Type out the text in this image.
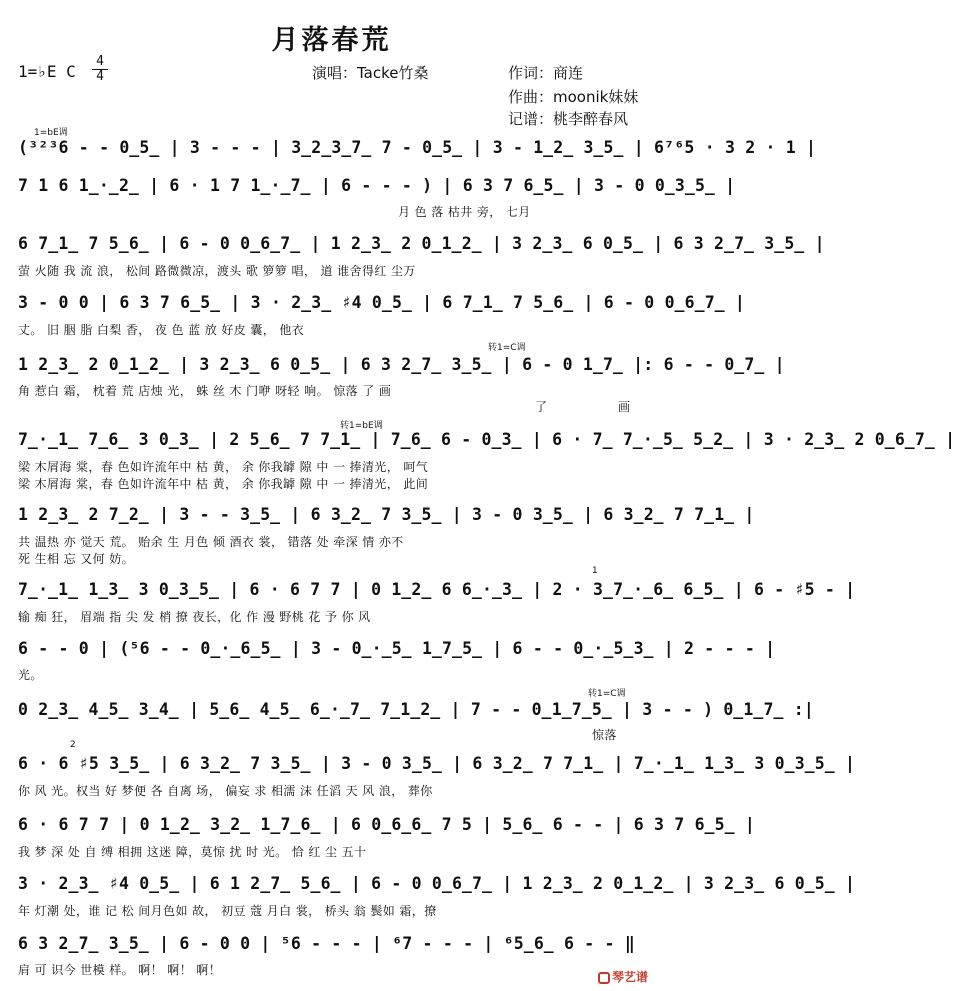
月落春荒
1=♭E C
4
4	演唱：Tacke竹桑	作词：商连
作曲：moonik妹妹
记谱：桃李醉春风
1=bE调
转1=C调
转1=bE调
转1=C调
1
2
(³²³6 - - 0̲5̲ | 3 - - - | 3̲2̲3̲7̲ 7 - 0̲5̲ | 3 - 1̲2̲ 3̲5̲ | 6⁷⁶5 · 3 2 · 1 |
7 1 6 1̲·̲2̲ | 6 · 1 7 1̲·̲7̲ | 6 - - - ) | 6 3 7 6̲5̲ | 3 - 0 0̲3̲5̲ |
月 色 落 枯井 旁， 七月
6 7̲1̲ 7 5̲6̲ | 6 - 0 0̲6̲7̲ | 1 2̲3̲ 2 0̲1̲2̲ | 3 2̲3̲ 6 0̲5̲ | 6 3 2̲7̲ 3̲5̲ |
萤 火随 我 流 浪， 松间 路微微凉，渡头 歌 箩箩 唱， 道 谁舍得红 尘万
3 - 0 0 | 6 3 7 6̲5̲ | 3 · 2̲3̲ ♯4 0̲5̲ | 6 7̲1̲ 7 5̲6̲ | 6 - 0 0̲6̲7̲ |
丈。 旧 胭 脂 白梨 香， 夜 色 蓝 放 好皮 囊， 他衣
1 2̲3̲ 2 0̲1̲2̲ | 3 2̲3̲ 6 0̲5̲ | 6 3 2̲7̲ 3̲5̲ | 6 - 0 1̲7̲ |: 6 - - 0̲7̲ |
角 惹白 霜， 枕着 荒 店烛 光， 蛛 丝 木 门咿 呀轻 响。 惊落 了 画
了	画
7̲·̲1̲ 7̲6̲ 3 0̲3̲ | 2 5̲6̲ 7 7̲1̲ | 7̲6̲ 6 - 0̲3̲ | 6 · 7̲ 7̲·̲5̲ 5̲2̲ | 3 · 2̲3̲ 2 0̲6̲7̲ |
梁 木屑海 棠，春 色如许流年中 枯 黄， 余 你我罅 隙 中 一 捧清光， 呵气
梁 木屑海 棠，春 色如许流年中 枯 黄， 余 你我罅 隙 中 一 捧清光， 此间
1 2̲3̲ 2 7̲2̲ | 3 - - 3̲5̲ | 6 3̲2̲ 7 3̲5̲ | 3 - 0 3̲5̲ | 6 3̲2̲ 7 7̲1̲ |
共 温热 亦 觉天 荒。 贻余 生 月色 倾 酒衣 裳， 错落 处 牵深 情 亦不
死 生相 忘 又何 妨。
7̲·̲1̲ 1̲3̲ 3 0̲3̲5̲ | 6 · 6 7 7 | 0 1̲2̲ 6 6̲·̲3̲ | 2 · 3̲7̲·̲6̲ 6̲5̲ | 6 - ♯5 - |
输 痴 狂， 眉端 指 尖 发 梢 撩 夜长，化 作 漫 野桃 花 予 你 风
6 - - 0 | (⁵6 - - 0̲·̲6̲5̲ | 3 - 0̲·̲5̲ 1̲7̲5̲ | 6 - - 0̲·̲5̲3̲ | 2 - - - |
光。
0 2̲3̲ 4̲5̲ 3̲4̲ | 5̲6̲ 4̲5̲ 6̲·̲7̲ 7̲1̲2̲ | 7 - - 0̲1̲7̲5̲ | 3 - - ) 0̲1̲7̲ :|
惊落
6 · 6 ♯5 3̲5̲ | 6 3̲2̲ 7 3̲5̲ | 3 - 0 3̲5̲ | 6 3̲2̲ 7 7̲1̲ | 7̲·̲1̲ 1̲3̲ 3 0̲3̲5̲ |
你 风 光。权当 好 梦便 各 自离 场， 偏妄 求 相濡 沫 任滔 天 风 浪， 葬你
6 · 6 7 7 | 0 1̲2̲ 3̲2̲ 1̲7̲6̲ | 6 0̲6̲6̲ 7 5 | 5̲6̲ 6 - - | 6 3 7 6̲5̲ |
我 梦 深 处 自 缚 相拥 这迷 障，莫惊 扰 时 光。 恰 红 尘 五十
3 · 2̲3̲ ♯4 0̲5̲ | 6 1 2̲7̲ 5̲6̲ | 6 - 0 0̲6̲7̲ | 1 2̲3̲ 2 0̲1̲2̲ | 3 2̲3̲ 6 0̲5̲ |
年 灯潮 处，谁 记 松 间月色如 故， 初豆 蔻 月白 裳， 桥头 翁 鬓如 霜，撩
6 3 2̲7̲ 3̲5̲ | 6 - 0 0 | ⁵6 - - - | ⁶7 - - - | ⁶5̲6̲ 6 - - ‖
肩 可 识今 世模 样。 啊！ 啊！ 啊！	琴艺谱
